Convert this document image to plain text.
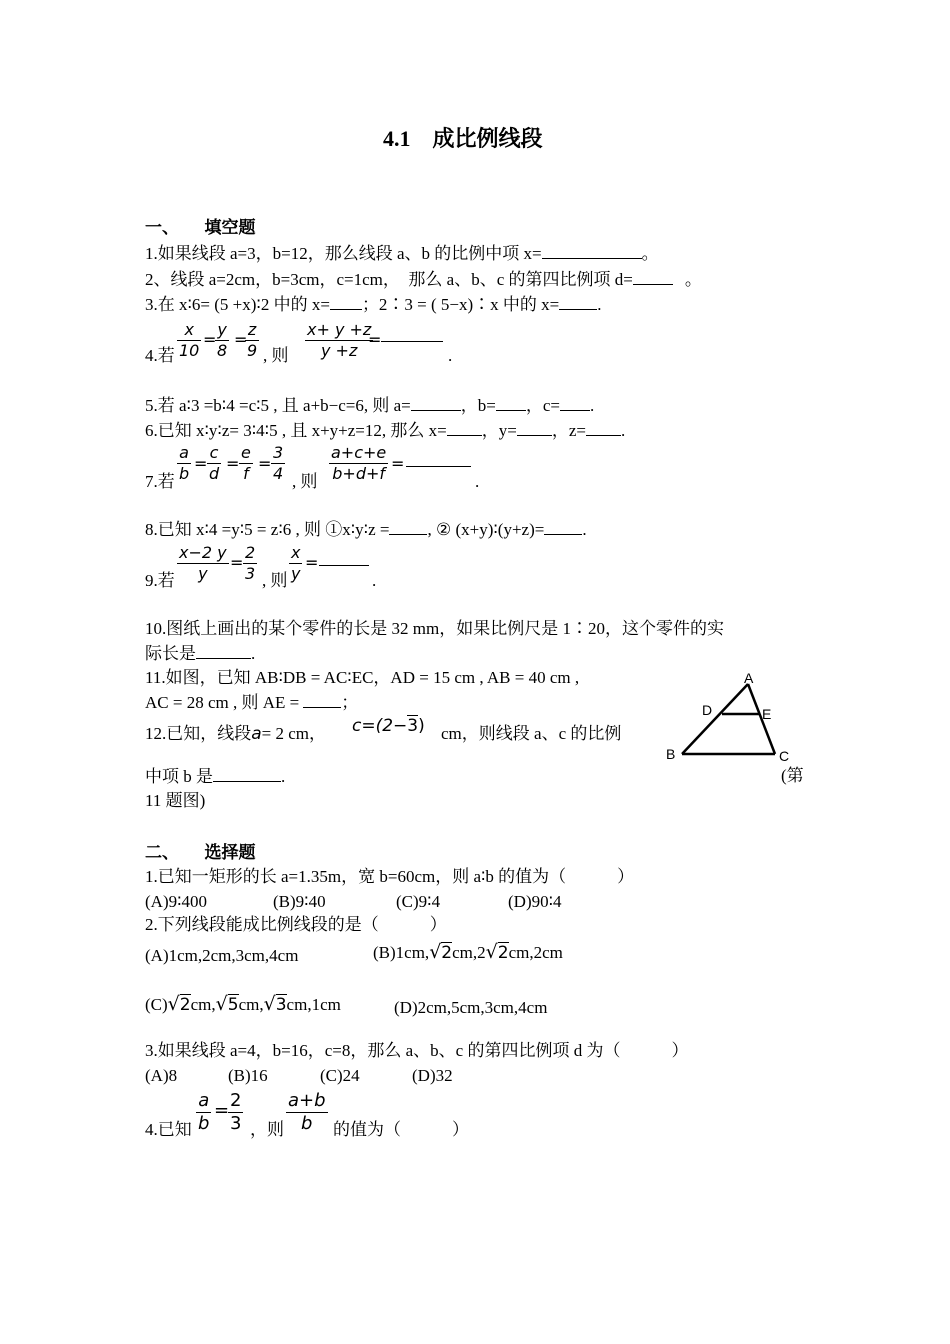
4.1　成比例线段
一、　　填空题
1.如果线段 a=3，b=12，那么线段 a、b 的比例中项 x=	。
2、线段 a=2cm，b=3cm，c=1cm，　那么 a、b、c 的第四比例项 d=	。
3.在 x∶6= (5 +x)∶2 中的 x= ；2∶3 = ( 5−x)∶x 中的 x= .
4.若 $\frac{x}{10}$ =
$\frac{y}{8}$ =
$\frac{z}{9}$ , 则 $\frac{x+ y +z}{y +z}$
=
.
5.若 a∶3 =b∶4 =c∶5 , 且 a+b−c=6, 则 a=	，b= ，c= .
6.已知 x∶y∶z= 3∶4∶5 , 且 x+y+z=12, 那么 x= ，y= ，z= .
7.若 $\frac{a}{b} = \frac{c}{d} = \frac{e}{f} = \frac{3}{4}$ , 则 $\frac{a+c+e}{b+d+f}$ =
.
8.已知 x∶4 =y∶5 = z∶6 , 则 ①x∶y∶z = , ② (x+y)∶(y+z)= .
9.若 $\frac{x-2 y}{y} = \frac{2}{3}$ , 则 $\frac{x}{y}$ =
.
10.图纸上画出的某个零件的长是 32 mm，如果比例尺是 1∶20，这个零件的实
际长是	.
11.如图，已知 AB∶DB = AC∶EC，AD = 15 cm , AB = 40 cm ,
AC = 28 cm , 则 AE = ；
12.已知，线段a= 2 cm， c=(2−3) cm，则线段 a、c 的比例
中项 b 是	.
A
D	E
B	C
(第
11 题图)
二、　　选择题
1.已知一矩形的长 a=1.35m，宽 b=60cm，则 a∶b 的值为（　　　）
(A)9∶400	(B)9∶40	(C)9∶4	(D)90∶4
2.下列线段能成比例线段的是（　　　）
(A)1cm,2cm,3cm,4cm	(B)1cm,√2cm,2√2cm,2cm
(C)√2cm,√5cm,√3cm,1cm	(D)2cm,5cm,3cm,4cm
3.如果线段 a=4，b=16，c=8，那么 a、b、c 的第四比例项 d 为（　　　）
(A)8	(B)16	(C)24	(D)32
4.已知 $\frac{a}{b}$ =
$\frac{2}{3}$ ，则 $\frac{a+b}{b}$ 的值为（　　　）
